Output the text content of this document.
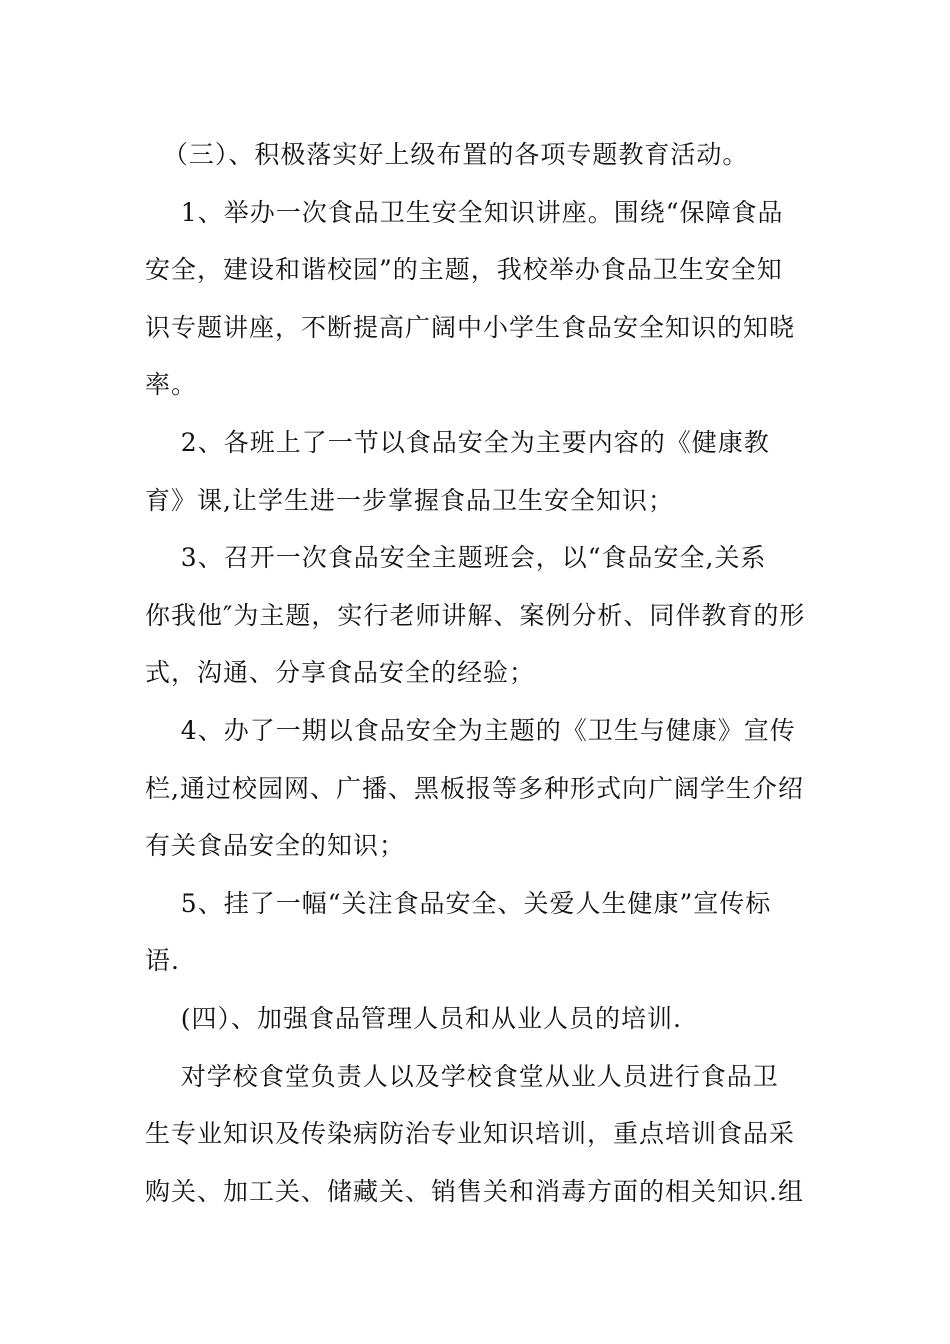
（三）、积极落实好上级布置的各项专题教育活动。
1、举办一次食品卫生安全知识讲座。围绕“保障食品
安全，建设和谐校园”的主题，我校举办食品卫生安全知
识专题讲座，不断提高广阔中小学生食品安全知识的知晓
率。
2、各班上了一节以食品安全为主要内容的《健康教
育》课,让学生进一步掌握食品卫生安全知识；
3、召开一次食品安全主题班会，以“食品安全,关系
你我他″为主题，实行老师讲解、案例分析、同伴教育的形
式，沟通、分享食品安全的经验；
4、办了一期以食品安全为主题的《卫生与健康》宣传
栏,通过校园网、广播、黑板报等多种形式向广阔学生介绍
有关食品安全的知识；
5、挂了一幅“关注食品安全、关爱人生健康”宣传标
语.
(四）、加强食品管理人员和从业人员的培训.
对学校食堂负责人以及学校食堂从业人员进行食品卫
生专业知识及传染病防治专业知识培训，重点培训食品采
购关、加工关、储藏关、销售关和消毒方面的相关知识.组
